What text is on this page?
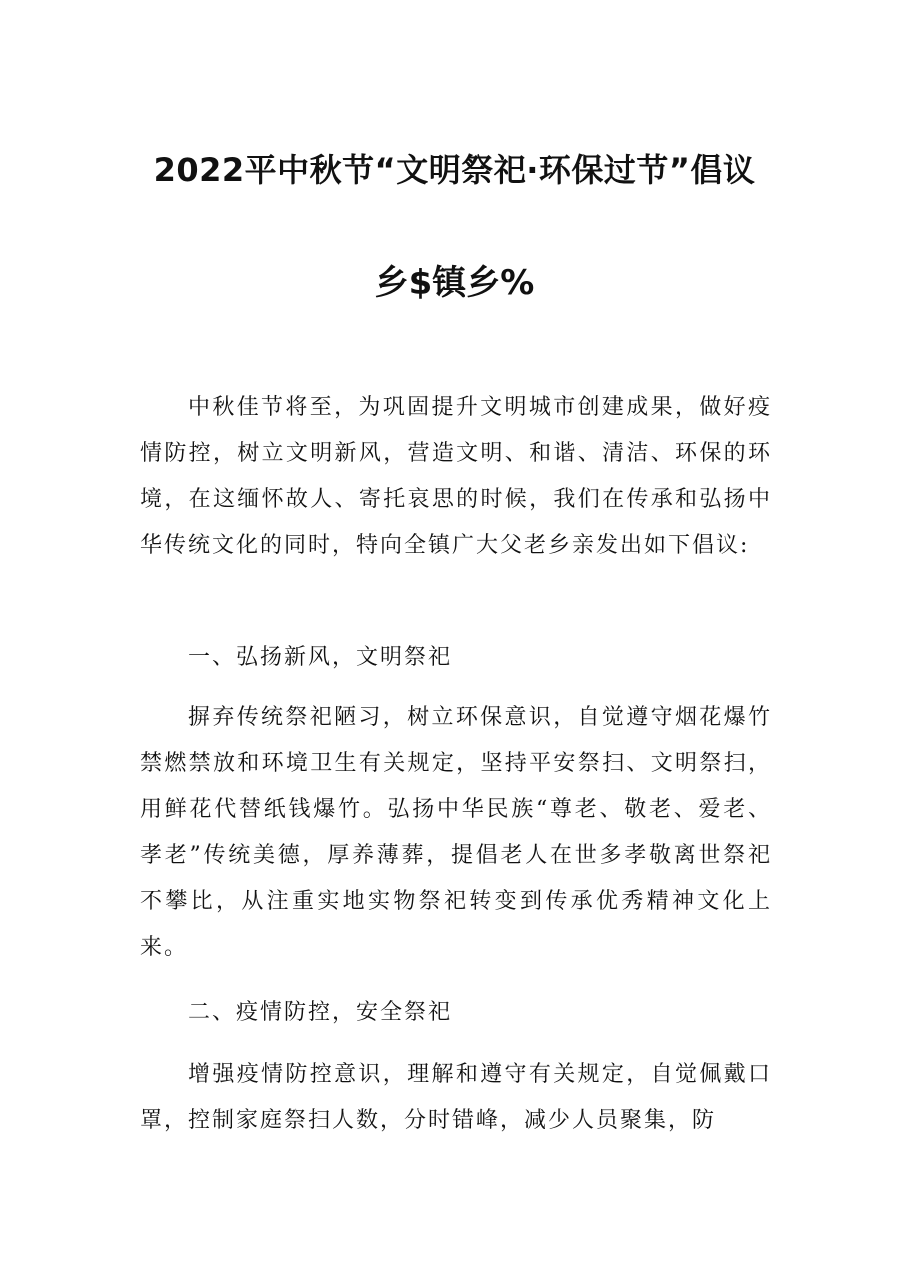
2022平中秋节“文明祭祀·环保过节”倡议
乡$镇乡%

中秋佳节将至，为巩固提升文明城市创建成果，做好疫情防控，树立文明新风，营造文明、和谐、清洁、环保的环境，在这缅怀故人、寄托哀思的时候，我们在传承和弘扬中华传统文化的同时，特向全镇广大父老乡亲发出如下倡议:

一、弘扬新风，文明祭祀

摒弃传统祭祀陋习，树立环保意识，自觉遵守烟花爆竹禁燃禁放和环境卫生有关规定，坚持平安祭扫、文明祭扫，用鲜花代替纸钱爆竹。弘扬中华民族“尊老、敬老、爱老、孝老”传统美德，厚养薄葬，提倡老人在世多孝敬离世祭祀不攀比，从注重实地实物祭祀转变到传承优秀精神文化上来。

二、疫情防控，安全祭祀

增强疫情防控意识，理解和遵守有关规定，自觉佩戴口罩，控制家庭祭扫人数，分时错峰，减少人员聚集，防
